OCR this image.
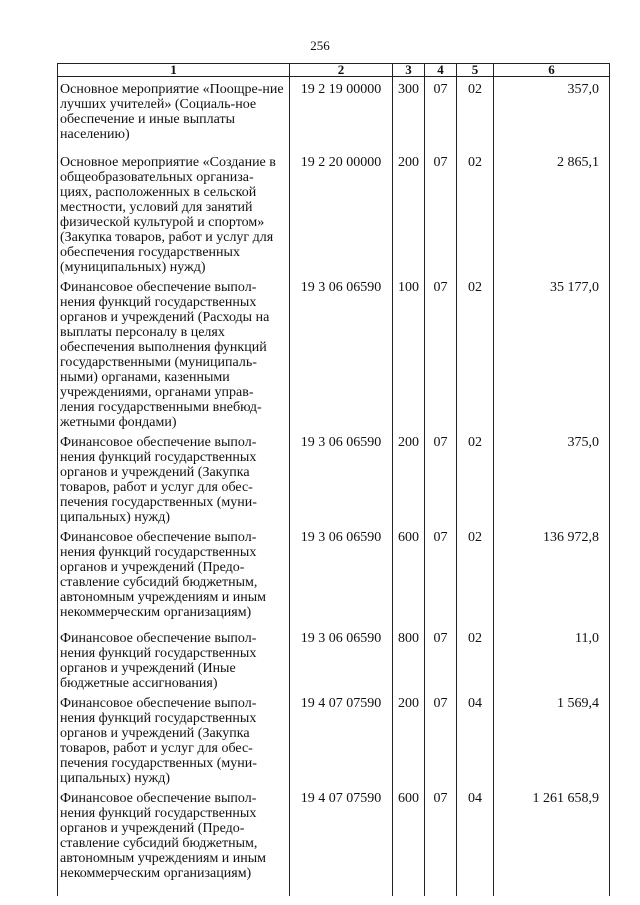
256
1	2	3	4	5	6
Основное мероприятие «Поощре-ние лучших учителей» (Социаль-ное обеспечение и иные выплаты населению)	19 2 19 00000	300	07	02	357,0
Основное мероприятие «Создание в общеобразовательных организа-циях, расположенных в сельской местности, условий для занятий физической культурой и спортом» (Закупка товаров, работ и услуг для обеспечения государственных (муниципальных) нужд)	19 2 20 00000	200	07	02	2 865,1
Финансовое обеспечение выпол-нения функций государственных органов и учреждений (Расходы на выплаты персоналу в целях обеспечения выполнения функций государственными (муниципаль-ными) органами, казенными учреждениями, органами управ-ления государственными внебюд-жетными фондами)	19 3 06 06590	100	07	02	35 177,0
Финансовое обеспечение выпол-нения функций государственных органов и учреждений (Закупка товаров, работ и услуг для обес-печения государственных (муни-ципальных) нужд)	19 3 06 06590	200	07	02	375,0
Финансовое обеспечение выпол-нения функций государственных органов и учреждений (Предо-ставление субсидий бюджетным, автономным учреждениям и иным некоммерческим организациям)	19 3 06 06590	600	07	02	136 972,8
Финансовое обеспечение выпол-нения функций государственных органов и учреждений (Иные бюджетные ассигнования)	19 3 06 06590	800	07	02	11,0
Финансовое обеспечение выпол-нения функций государственных органов и учреждений (Закупка товаров, работ и услуг для обес-печения государственных (муни-ципальных) нужд)	19 4 07 07590	200	07	04	1 569,4
Финансовое обеспечение выпол-нения функций государственных органов и учреждений (Предо-ставление субсидий бюджетным, автономным учреждениям и иным некоммерческим организациям)	19 4 07 07590	600	07	04	1 261 658,9
